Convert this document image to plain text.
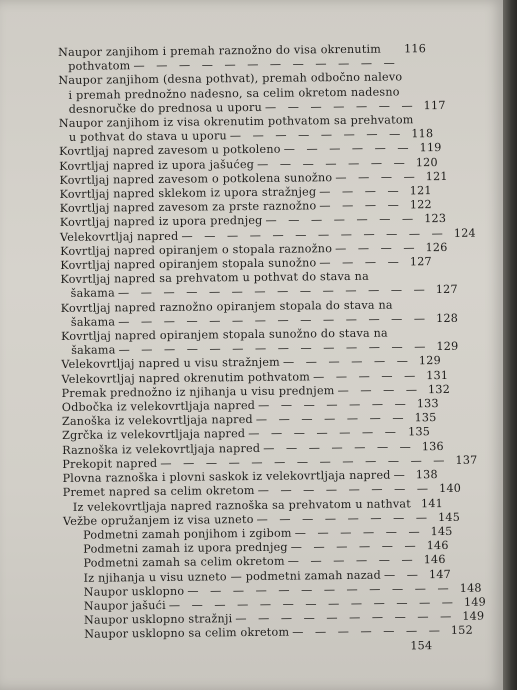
Naupor zanjihom i premah raznožno do visa okrenutim	116
pothvatom — — — — — — — — — — — —
Naupor zanjihom (desna pothvat), premah odbočno nalevo
i premah prednožno nadesno, sa celim okretom nadesno
desnoručke do prednosa u uporu — — — — — — — 117
Naupor zanjihom iz visa okrenutim pothvatom sa prehvatom
u pothvat do stava u uporu — — — — — — — — 118
Kovrtljaj napred zavesom u potkoleno — — — — — — 119
Kovrtljaj napred iz upora jašućeg — — — — — — — 120
Kovrtljaj napred zavesom o potkolena sunožno — — — — 121
Kovrtljaj napred sklekom iz upora stražnjeg — — — — 121
Kovrtljaj napred zavesom za prste raznožno — — — — 122
Kovrtljaj napred iz upora prednjeg — — — — — — — 123
Velekovrtljaj napred — — — — — — — — — — — — 124
Kovrtljaj napred opiranjem o stopala raznožno — — — — 126
Kovrtljaj napred opiranjem stopala sunožno — — — — 127
Kovrtljaj napred sa prehvatom u pothvat do stava na
šakama — — — — — — — — — — — — — — 127
Kovrtljaj napred raznožno opiranjem stopala do stava na
šakama — — — — — — — — — — — — — — 128
Kovrtljaj napred opiranjem stopala sunožno do stava na
šakama — — — — — — — — — — — — — — 129
Velekovrtljaj napred u visu stražnjem — — — — — — 129
Velekovrtljaj napred okrenutim pothvatom — — — — — 131
Premak prednožno iz njihanja u visu prednjem — — — — 132
Odbočka iz velekovrtljaja napred — — — — — — — 133
Zanoška iz velekovrtljaja napred — — — — — — — 135
Zgrčka iz velekovrtljaja napred — — — — — — — 135
Raznoška iz velekovrtljaja napred — — — — — — — 136
Prekopit napred — — — — — — — — — — — — — 137
Plovna raznoška i plovni saskok iz velekovrtljaja napred — 138
Premet napred sa celim okretom — — — — — — — — 140
Iz velekovrtljaja napred raznoška sa prehvatom u nathvat 141
Vežbe opružanjem iz visa uzneto — — — — — — — — 145
Podmetni zamah ponjihom i zgibom — — — — — — 145
Podmetni zamah iz upora prednjeg — — — — — — 146
Podmetni zamah sa celim okretom — — — — — — 146
Iz njihanja u visu uzneto — podmetni zamah nazad — — 147
Naupor usklopno — — — — — — — — — — — — 148
Naupor jašući — — — — — — — — — — — — — 149
Naupor usklopno stražnji — — — — — — — — — — 149
Naupor usklopno sa celim okretom — — — — — — — 152
154
